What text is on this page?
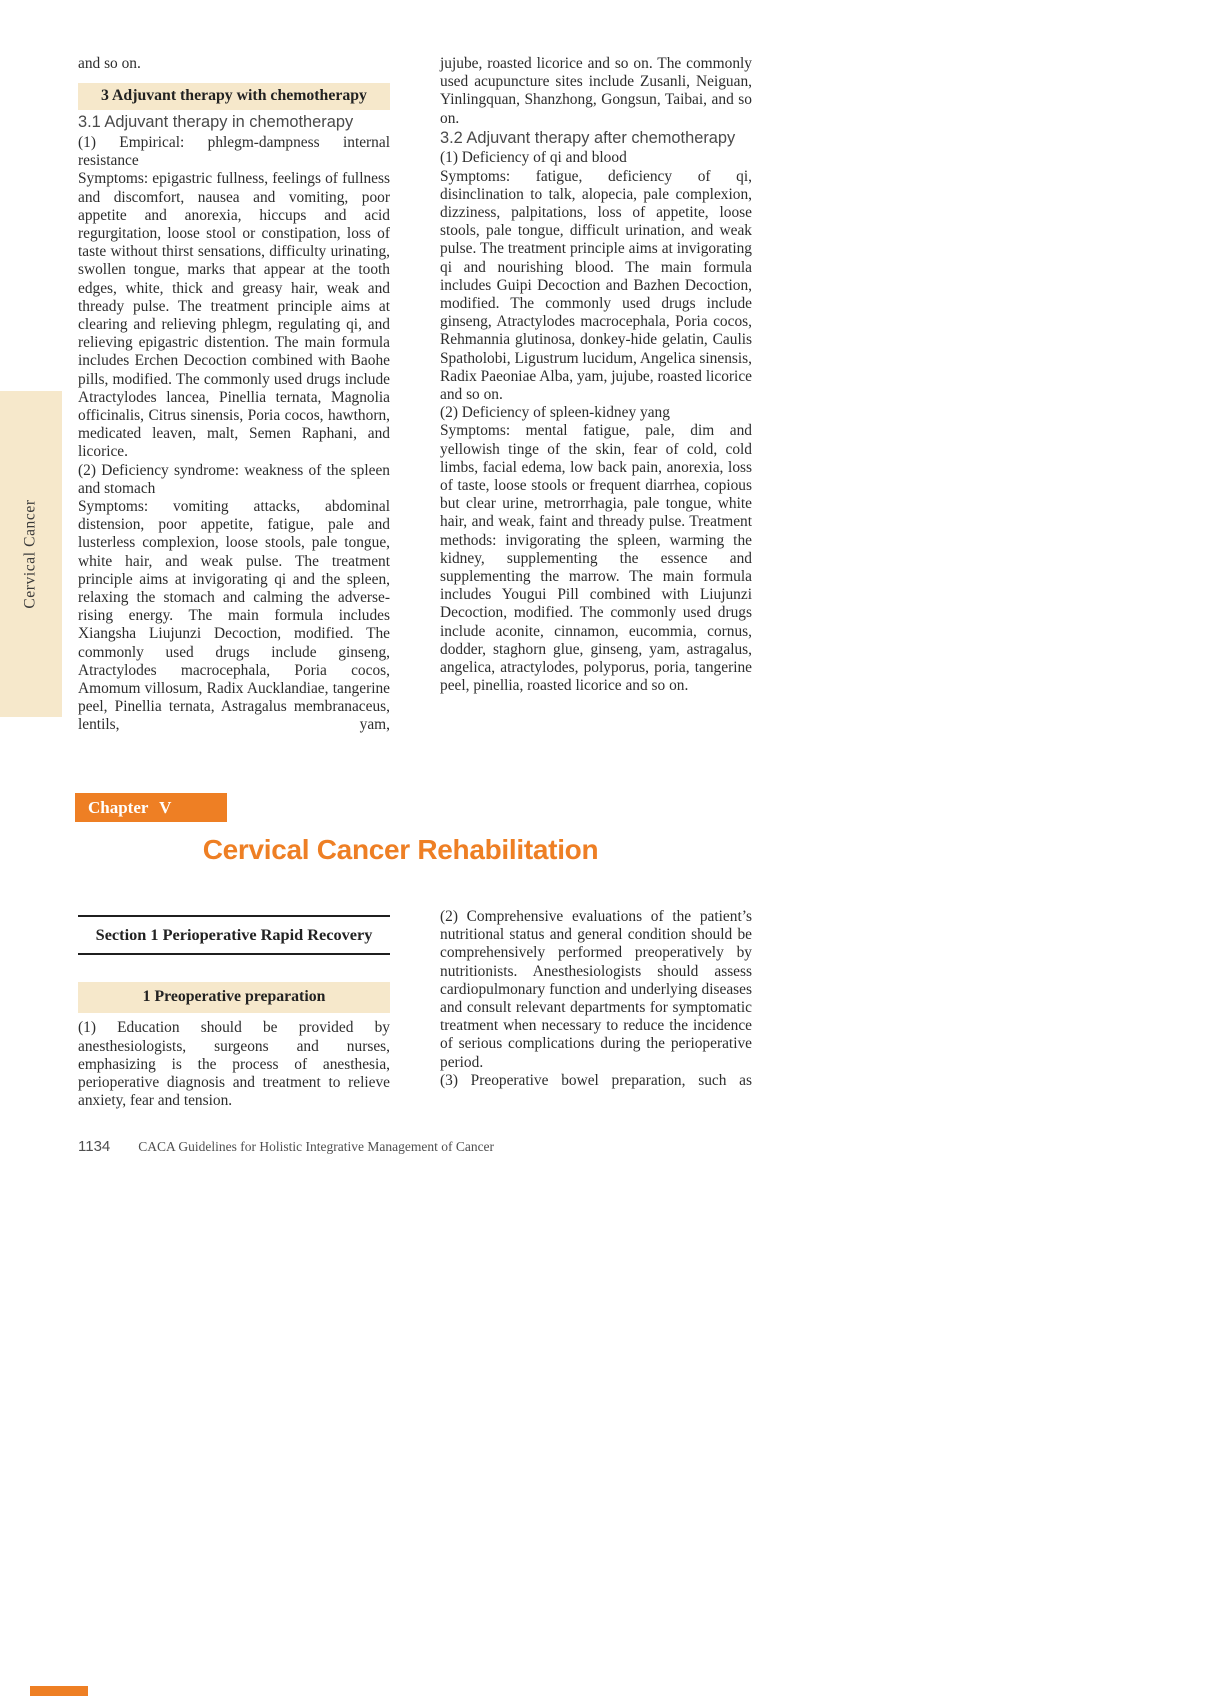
Cervical Cancer

and so on.

3 Adjuvant therapy with chemotherapy
3.1 Adjuvant therapy in chemotherapy

(1) Empirical: phlegm-dampness internal resistance

Symptoms: epigastric fullness, feelings of fullness and discomfort, nausea and vomiting, poor appetite and anorexia, hiccups and acid regurgitation, loose stool or constipation, loss of taste without thirst sensations, difficulty urinating, swollen tongue, marks that appear at the tooth edges, white, thick and greasy hair, weak and thready pulse. The treatment principle aims at clearing and relieving phlegm, regulating qi, and relieving epigastric distention. The main formula includes Erchen Decoction combined with Baohe pills, modified. The commonly used drugs include Atractylodes lancea, Pinellia ternata, Magnolia officinalis, Citrus sinensis, Poria cocos, hawthorn, medicated leaven, malt, Semen Raphani, and licorice.

(2) Deficiency syndrome: weakness of the spleen and stomach

Symptoms: vomiting attacks, abdominal distension, poor appetite, fatigue, pale and lusterless complexion, loose stools, pale tongue, white hair, and weak pulse. The treatment principle aims at invigorating qi and the spleen, relaxing the stomach and calming the adverse-rising energy. The main formula includes Xiangsha Liujunzi Decoction, modified. The commonly used drugs include ginseng, Atractylodes macrocephala, Poria cocos, Amomum villosum, Radix Aucklandiae, tangerine peel, Pinellia ternata, Astragalus membranaceus, lentils, yam,

jujube, roasted licorice and so on. The commonly used acupuncture sites include Zusanli, Neiguan, Yinlingquan, Shanzhong, Gongsun, Taibai, and so on.

3.2 Adjuvant therapy after chemotherapy

(1) Deficiency of qi and blood

Symptoms: fatigue, deficiency of qi, disinclination to talk, alopecia, pale complexion, dizziness, palpitations, loss of appetite, loose stools, pale tongue, difficult urination, and weak pulse. The treatment principle aims at invigorating qi and nourishing blood. The main formula includes Guipi Decoction and Bazhen Decoction, modified. The commonly used drugs include ginseng, Atractylodes macrocephala, Poria cocos, Rehmannia glutinosa, donkey-hide gelatin, Caulis Spatholobi, Ligustrum lucidum, Angelica sinensis, Radix Paeoniae Alba, yam, jujube, roasted licorice and so on.

(2) Deficiency of spleen-kidney yang

Symptoms: mental fatigue, pale, dim and yellowish tinge of the skin, fear of cold, cold limbs, facial edema, low back pain, anorexia, loss of taste, loose stools or frequent diarrhea, copious but clear urine, metrorrhagia, pale tongue, white hair, and weak, faint and thready pulse. Treatment methods: invigorating the spleen, warming the kidney, supplementing the essence and supplementing the marrow. The main formula includes Yougui Pill combined with Liujunzi Decoction, modified. The commonly used drugs include aconite, cinnamon, eucommia, cornus, dodder, staghorn glue, ginseng, yam, astragalus, angelica, atractylodes, polyporus, poria, tangerine peel, pinellia, roasted licorice and so on.

Chapter V
Cervical Cancer Rehabilitation
Section 1 Perioperative Rapid Recovery
1 Preoperative preparation

(1) Education should be provided by anesthesiologists, surgeons and nurses, emphasizing is the process of anesthesia, perioperative diagnosis and treatment to relieve anxiety, fear and tension.

(2) Comprehensive evaluations of the patient’s nutritional status and general condition should be comprehensively performed preoperatively by nutritionists. Anesthesiologists should assess cardiopulmonary function and underlying diseases and consult relevant departments for symptomatic treatment when necessary to reduce the incidence of serious complications during the perioperative period.

(3) Preoperative bowel preparation, such as

1134 CACA Guidelines for Holistic Integrative Management of Cancer
